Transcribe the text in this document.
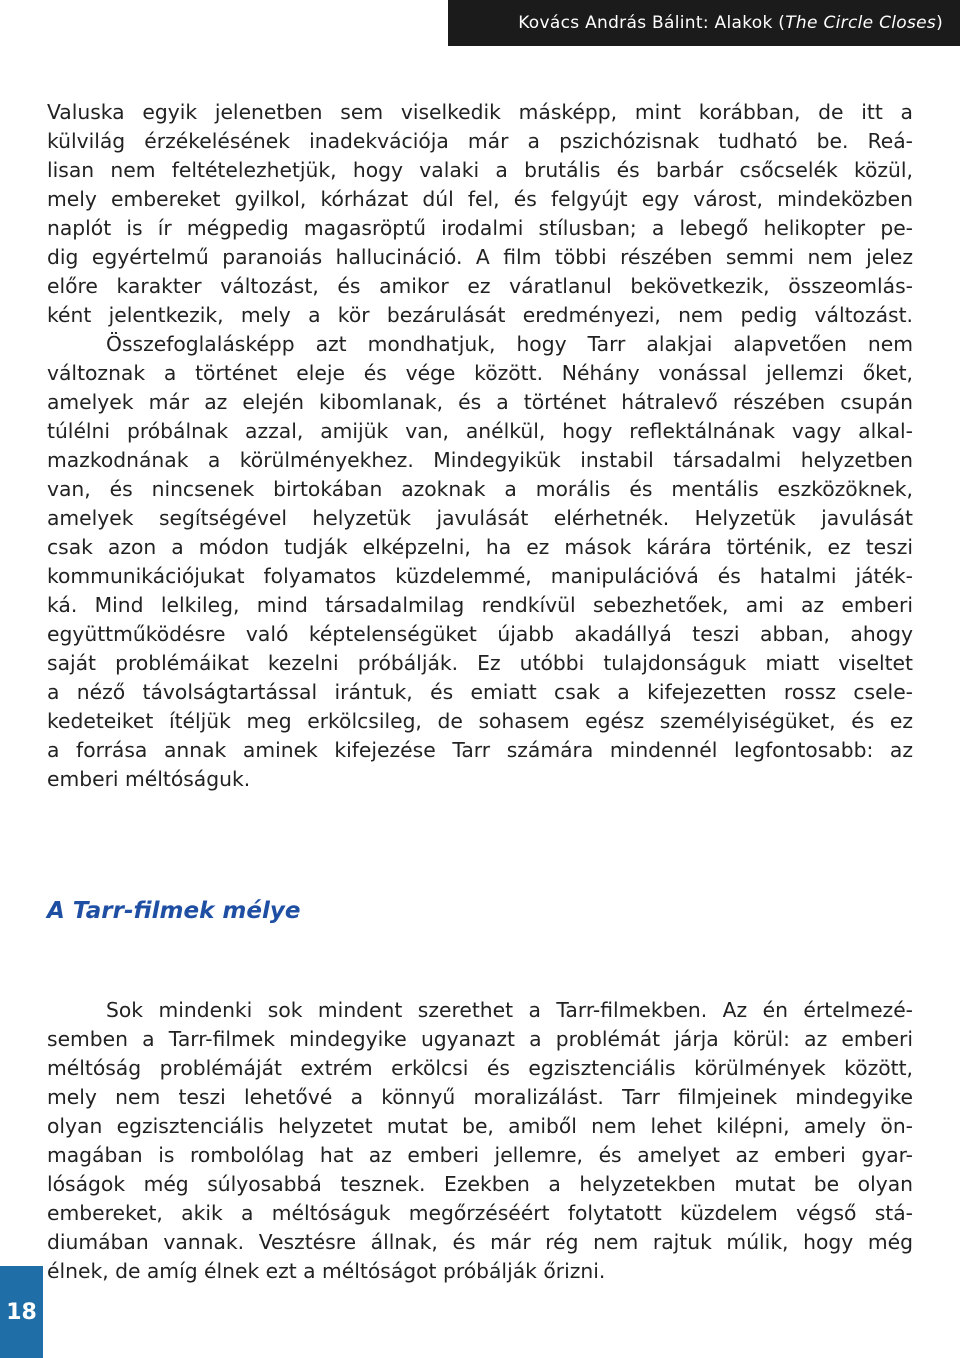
Kovács András Bálint: Alakok ( The Circle Closes )
Valuska egyik jelenetben sem viselkedik másképp, mint korábban, de itt a
külvilág érzékelésének inadekvációja már a pszichózisnak tudható be. Reá-
lisan nem feltételezhetjük, hogy valaki a brutális és barbár csőcselék közül,
mely embereket gyilkol, kórházat dúl fel, és felgyújt egy várost, mindeközben
naplót is ír mégpedig magasröptű irodalmi stílusban; a lebegő helikopter pe-
dig egyértelmű paranoiás hallucináció. A film többi részében semmi nem jelez
előre karakter változást, és amikor ez váratlanul bekövetkezik, összeomlás-
ként jelentkezik, mely a kör bezárulását eredményezi, nem pedig változást.
Összefoglalásképp azt mondhatjuk, hogy Tarr alakjai alapvetően nem
változnak a történet eleje és vége között. Néhány vonással jellemzi őket,
amelyek már az elején kibomlanak, és a történet hátralevő részében csupán
túlélni próbálnak azzal, amijük van, anélkül, hogy reflektálnának vagy alkal-
mazkodnának a körülményekhez. Mindegyikük instabil társadalmi helyzetben
van, és nincsenek birtokában azoknak a morális és mentális eszközöknek,
amelyek segítségével helyzetük javulását elérhetnék. Helyzetük javulását
csak azon a módon tudják elképzelni, ha ez mások kárára történik, ez teszi
kommunikációjukat folyamatos küzdelemmé, manipulációvá és hatalmi játék-
ká. Mind lelkileg, mind társadalmilag rendkívül sebezhetőek, ami az emberi
együttműködésre való képtelenségüket újabb akadállyá teszi abban, ahogy
saját problémáikat kezelni próbálják. Ez utóbbi tulajdonságuk miatt viseltet
a néző távolságtartással irántuk, és emiatt csak a kifejezetten rossz csele-
kedeteiket ítéljük meg erkölcsileg, de sohasem egész személyiségüket, és ez
a forrása annak aminek kifejezése Tarr számára mindennél legfontosabb: az
emberi méltóságuk.
A Tarr-filmek mélye
Sok mindenki sok mindent szerethet a Tarr-filmekben. Az én értelmezé-
semben a Tarr-filmek mindegyike ugyanazt a problémát járja körül: az emberi
méltóság problémáját extrém erkölcsi és egzisztenciális körülmények között,
mely nem teszi lehetővé a könnyű moralizálást. Tarr filmjeinek mindegyike
olyan egzisztenciális helyzetet mutat be, amiből nem lehet kilépni, amely ön-
magában is rombolólag hat az emberi jellemre, és amelyet az emberi gyar-
lóságok még súlyosabbá tesznek. Ezekben a helyzetekben mutat be olyan
embereket, akik a méltóságuk megőrzéséért folytatott küzdelem végső stá-
diumában vannak. Vesztésre állnak, és már rég nem rajtuk múlik, hogy még
élnek, de amíg élnek ezt a méltóságot próbálják őrizni.
18
